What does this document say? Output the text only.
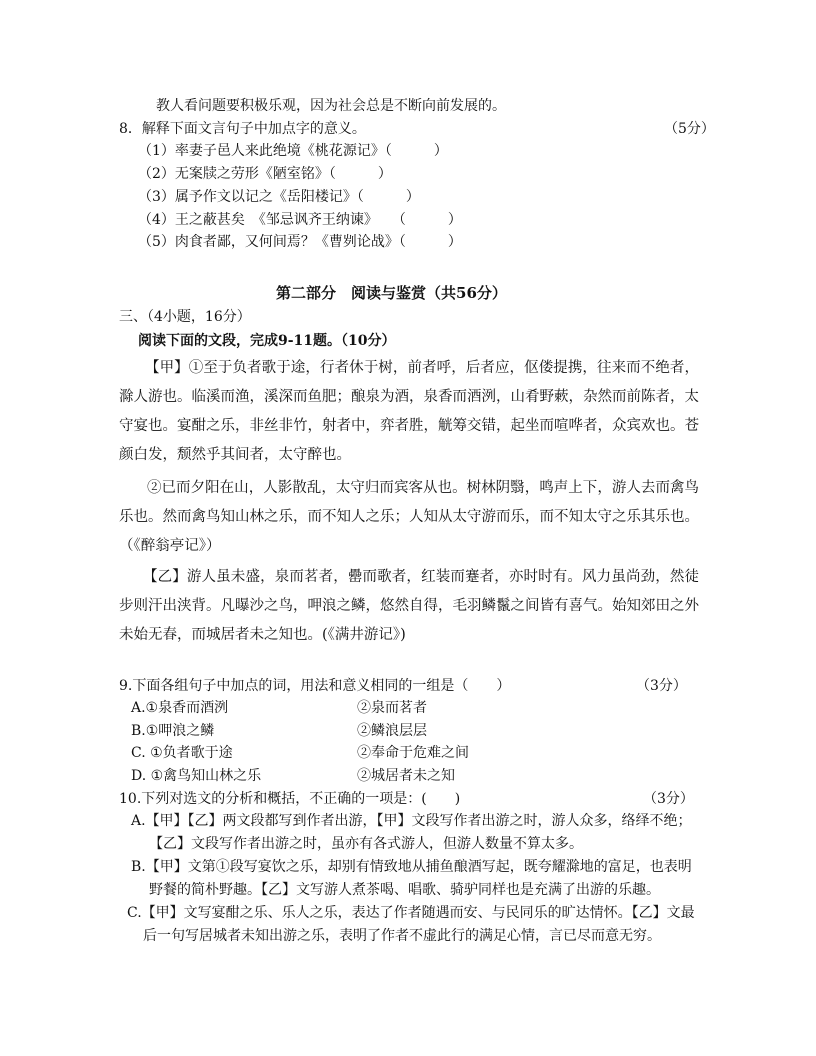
教人看问题要积极乐观，因为社会总是不断向前发展的。
8．解释下面文言句子中加点字的意义。	（5分）
（1）率妻子邑人来此绝境《桃花源记》（　　　）
（2）无案牍之劳形《陋室铭》（　　　）
（3）属予作文以记之《岳阳楼记》（　　　）
（4）王之蔽甚矣　《邹忌讽齐王纳谏》　　（　　　）
（5）肉食者鄙，又何间焉？《曹刿论战》（　　　）
第二部分　阅读与鉴赏（共56分）
三、（4小题，16分）
阅读下面的文段，完成9-11题。（10分）
【甲】①至于负者歌于途，行者休于树，前者呼，后者应，伛偻提携，往来而不绝者，滁人游也。临溪而渔，溪深而鱼肥；酿泉为酒，泉香而酒洌，山肴野蔌，杂然而前陈者，太守宴也。宴酣之乐，非丝非竹，射者中，弈者胜，觥筹交错，起坐而喧哗者，众宾欢也。苍颜白发，颓然乎其间者，太守醉也。
②已而夕阳在山，人影散乱，太守归而宾客从也。树林阴翳，鸣声上下，游人去而禽鸟乐也。然而禽鸟知山林之乐，而不知人之乐；人知从太守游而乐，而不知太守之乐其乐也。（《醉翁亭记》）
【乙】游人虽未盛，泉而茗者，罍而歌者，红装而蹇者，亦时时有。风力虽尚劲，然徒步则汗出浃背。凡曝沙之鸟，呷浪之鳞，悠然自得，毛羽鳞鬣之间皆有喜气。始知郊田之外未始无春，而城居者未之知也。(《满井游记》)
9.下面各组句子中加点的词，用法和意义相同的一组是（　　）	（3分）
A.①泉香而酒洌	②泉而茗者
B.①呷浪之鳞	②鳞浪层层
C. ①负者歌于途	②奉命于危难之间
D. ①禽鸟知山林之乐	②城居者未之知
10.下列对选文的分析和概括，不正确的一项是：(　　)	（3分）
A.【甲】【乙】两文段都写到作者出游，【甲】文段写作者出游之时，游人众多，络绎不绝；
【乙】文段写作者出游之时，虽亦有各式游人，但游人数量不算太多。
B.【甲】文第①段写宴饮之乐，却别有情致地从捕鱼酿酒写起，既夸耀滁地的富足，也表明
野餐的简朴野趣。【乙】文写游人煮茶喝、唱歌、骑驴同样也是充满了出游的乐趣。
C.【甲】文写宴酣之乐、乐人之乐，表达了作者随遇而安、与民同乐的旷达情怀。【乙】文最
后一句写居城者未知出游之乐，表明了作者不虚此行的满足心情，言已尽而意无穷。
